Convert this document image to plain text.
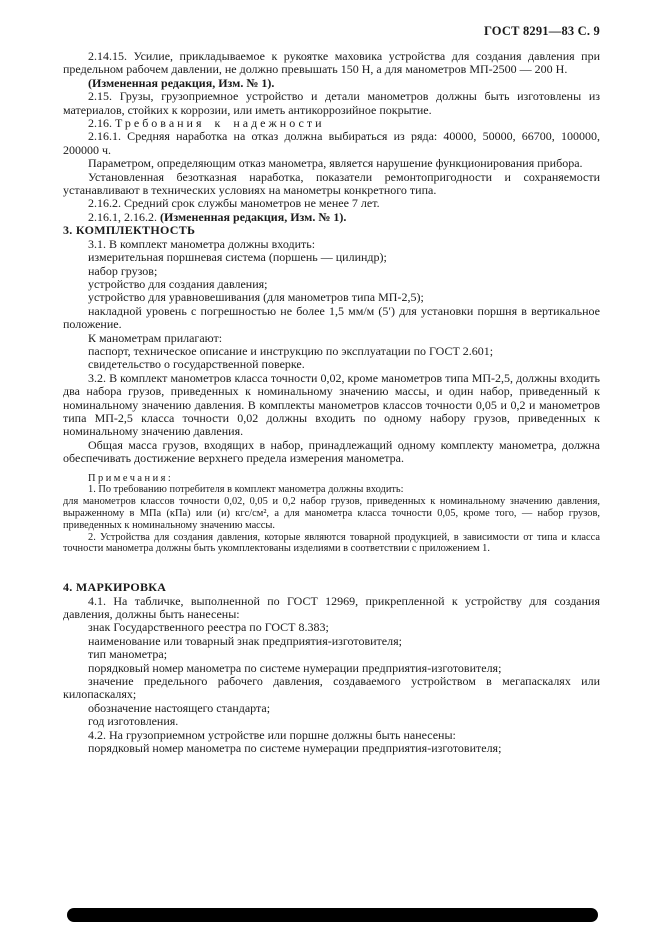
ГОСТ 8291—83 С. 9

2.14.15. Усилие, прикладываемое к рукоятке маховика устройства для создания давления при предельном рабочем давлении, не должно превышать 150 Н, а для манометров МП-2500 — 200 Н.

(Измененная редакция, Изм. № 1).

2.15. Грузы, грузоприемное устройство и детали манометров должны быть изготовлены из материалов, стойких к коррозии, или иметь антикоррозийное покрытие.

2.16. Требования к надежности

2.16.1. Средняя наработка на отказ должна выбираться из ряда: 40000, 50000, 66700, 100000, 200000 ч.

Параметром, определяющим отказ манометра, является нарушение функционирования прибора.

Установленная безотказная наработка, показатели ремонтопригодности и сохраняемости устанавливают в технических условиях на манометры конкретного типа.

2.16.2. Средний срок службы манометров не менее 7 лет.

2.16.1, 2.16.2. (Измененная редакция, Изм. № 1).

3. КОМПЛЕКТНОСТЬ

3.1. В комплект манометра должны входить:

измерительная поршневая система (поршень — цилиндр);

набор грузов;

устройство для создания давления;

устройство для уравновешивания (для манометров типа МП-2,5);

накладной уровень с погрешностью не более 1,5 мм/м (5′) для установки поршня в вертикальное положение.

К манометрам прилагают:

паспорт, техническое описание и инструкцию по эксплуатации по ГОСТ 2.601;

свидетельство о государственной поверке.

3.2. В комплект манометров класса точности 0,02, кроме манометров типа МП-2,5, должны входить два набора грузов, приведенных к номинальному значению массы, и один набор, приведенный к номинальному значению давления. В комплекты манометров классов точности 0,05 и 0,2 и манометров типа МП-2,5 класса точности 0,02 должны входить по одному набору грузов, приведенных к номинальному значению давления.

Общая масса грузов, входящих в набор, принадлежащий одному комплекту манометра, должна обеспечивать достижение верхнего предела измерения манометра.

Примечания:

1. По требованию потребителя в комплект манометра должны входить:

для манометров классов точности 0,02, 0,05 и 0,2 набор грузов, приведенных к номинальному значению давления, выраженному в МПа (кПа) или (и) кгс/см², а для манометра класса точности 0,05, кроме того, — набор грузов, приведенных к номинальному значению массы.

2. Устройства для создания давления, которые являются товарной продукцией, в зависимости от типа и класса точности манометра должны быть укомплектованы изделиями в соответствии с приложением 1.

4. МАРКИРОВКА

4.1. На табличке, выполненной по ГОСТ 12969, прикрепленной к устройству для создания давления, должны быть нанесены:

знак Государственного реестра по ГОСТ 8.383;

наименование или товарный знак предприятия-изготовителя;

тип манометра;

порядковый номер манометра по системе нумерации предприятия-изготовителя;

значение предельного рабочего давления, создаваемого устройством в мегапаскалях или килопаскалях;

обозначение настоящего стандарта;

год изготовления.

4.2. На грузоприемном устройстве или поршне должны быть нанесены:

порядковый номер манометра по системе нумерации предприятия-изготовителя;
